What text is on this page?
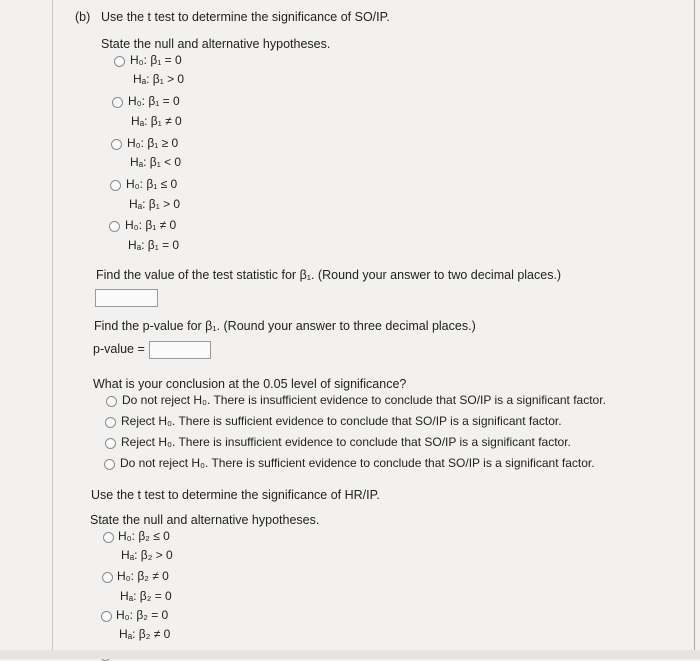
(b) Use the t test to determine the significance of SO/IP.
State the null and alternative hypotheses.
H₀: β₁ = 0
Hₐ: β₁ > 0
H₀: β₁ = 0
Hₐ: β₁ ≠ 0
H₀: β₁ ≥ 0
Hₐ: β₁ < 0
H₀: β₁ ≤ 0
Hₐ: β₁ > 0
H₀: β₁ ≠ 0
Hₐ: β₁ = 0
Find the value of the test statistic for β₁. (Round your answer to two decimal places.)
Find the p-value for β₁. (Round your answer to three decimal places.)
p-value =
What is your conclusion at the 0.05 level of significance?
Do not reject H₀. There is insufficient evidence to conclude that SO/IP is a significant factor.
Reject H₀. There is sufficient evidence to conclude that SO/IP is a significant factor.
Reject H₀. There is insufficient evidence to conclude that SO/IP is a significant factor.
Do not reject H₀. There is sufficient evidence to conclude that SO/IP is a significant factor.
Use the t test to determine the significance of HR/IP.
State the null and alternative hypotheses.
H₀: β₂ ≤ 0
Hₐ: β₂ > 0
H₀: β₂ ≠ 0
Hₐ: β₂ = 0
H₀: β₂ = 0
Hₐ: β₂ ≠ 0
